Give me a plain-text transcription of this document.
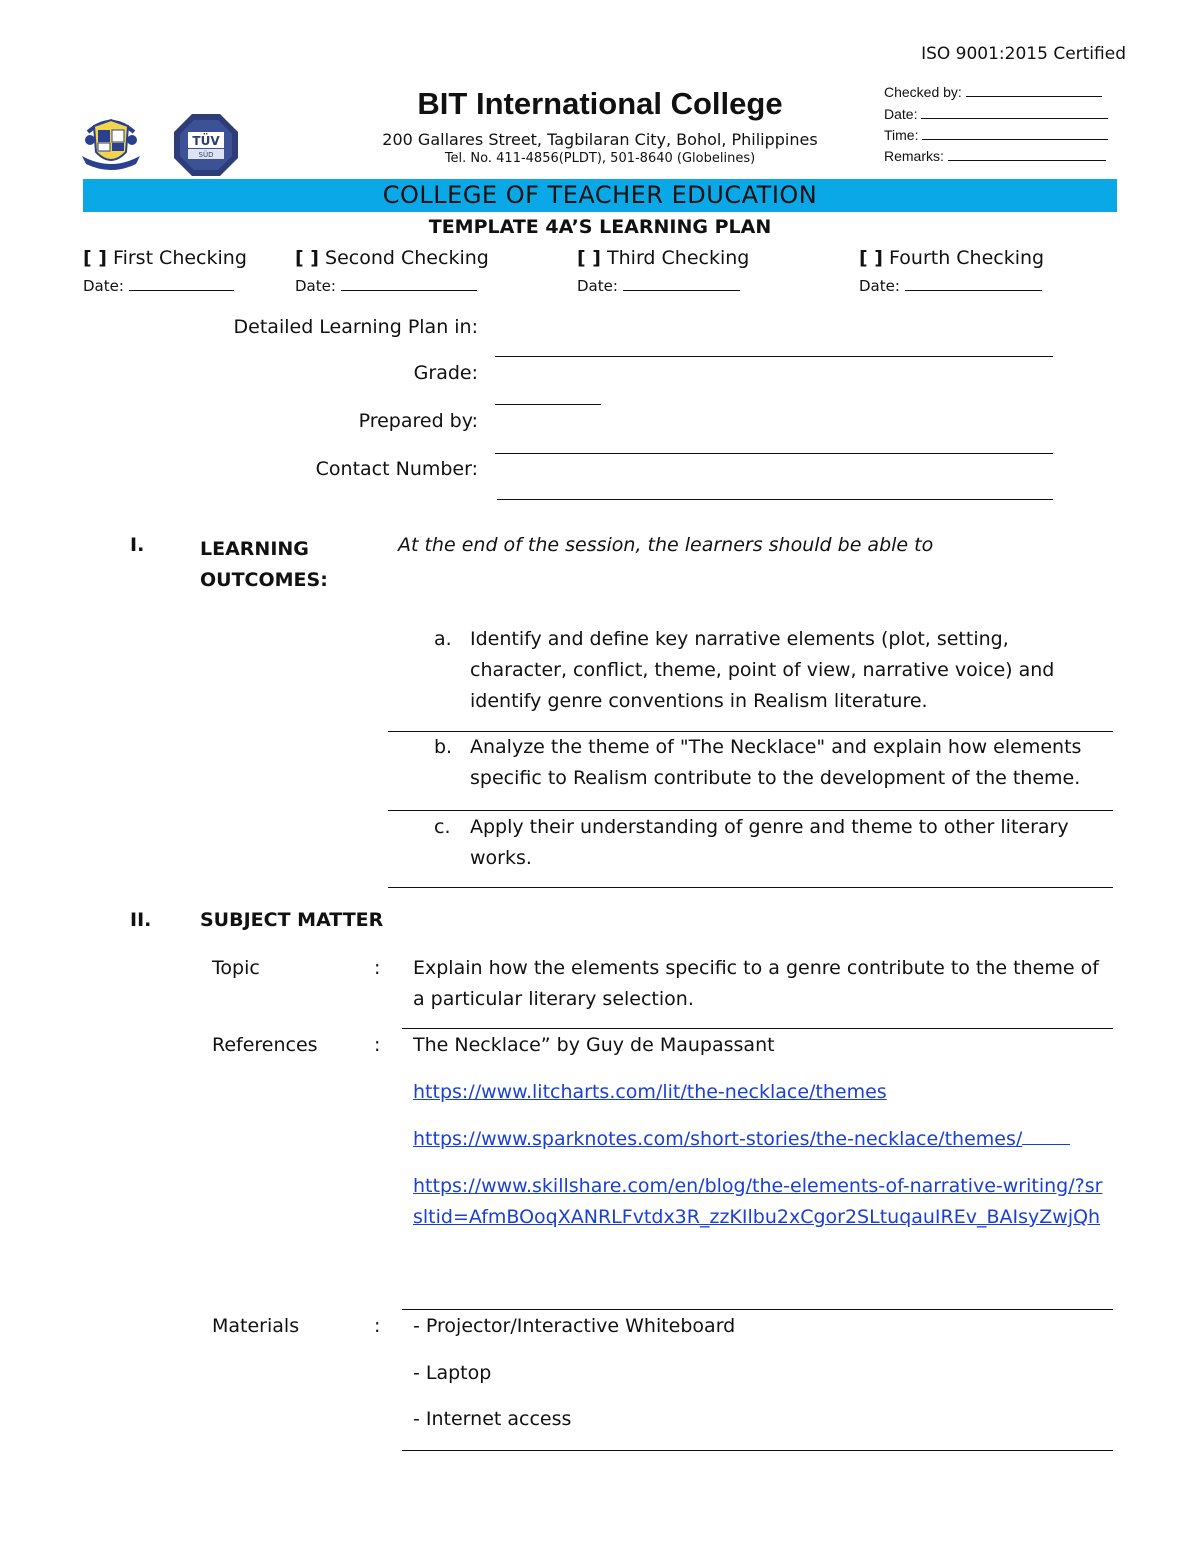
ISO 9001:2015 Certified
TÜV
SÜD
BIT International College
200 Gallares Street, Tagbilaran City, Bohol, Philippines
Tel. No. 411-4856(PLDT), 501-8640 (Globelines)
Checked by:
Date:
Time:
Remarks:
COLLEGE OF TEACHER EDUCATION
TEMPLATE 4A’S LEARNING PLAN
[ ] First Checking
Date:
[ ] Second Checking
Date:
[ ] Third Checking
Date:
[ ] Fourth Checking
Date:
Detailed Learning Plan in:
Grade:
Prepared by:
Contact Number:
I.	LEARNING
OUTCOMES:
At the end of the session, the learners should be able to
a. Identify and define key narrative elements (plot, setting, character, conflict, theme, point of view, narrative voice) and identify genre conventions in Realism literature.
b. Analyze the theme of "The Necklace" and explain how elements specific to Realism contribute to the development of the theme.
c. Apply their understanding of genre and theme to other literary works.
II.	SUBJECT MATTER
Topic	: Explain how the elements specific to a genre contribute to the theme of a particular literary selection.
References	: The Necklace” by Guy de Maupassant
https://www.litcharts.com/lit/the-necklace/themes
https://www.sparknotes.com/short-stories/the-necklace/themes/
https://www.skillshare.com/en/blog/the-elements-of-narrative-writing/?srsltid=AfmBOoqXANRLFvtdx3R_zzKIlbu2xCgor2SLtuqauIREv_BAIsyZwjQh
Materials	: - Projector/Interactive Whiteboard
- Laptop
- Internet access
